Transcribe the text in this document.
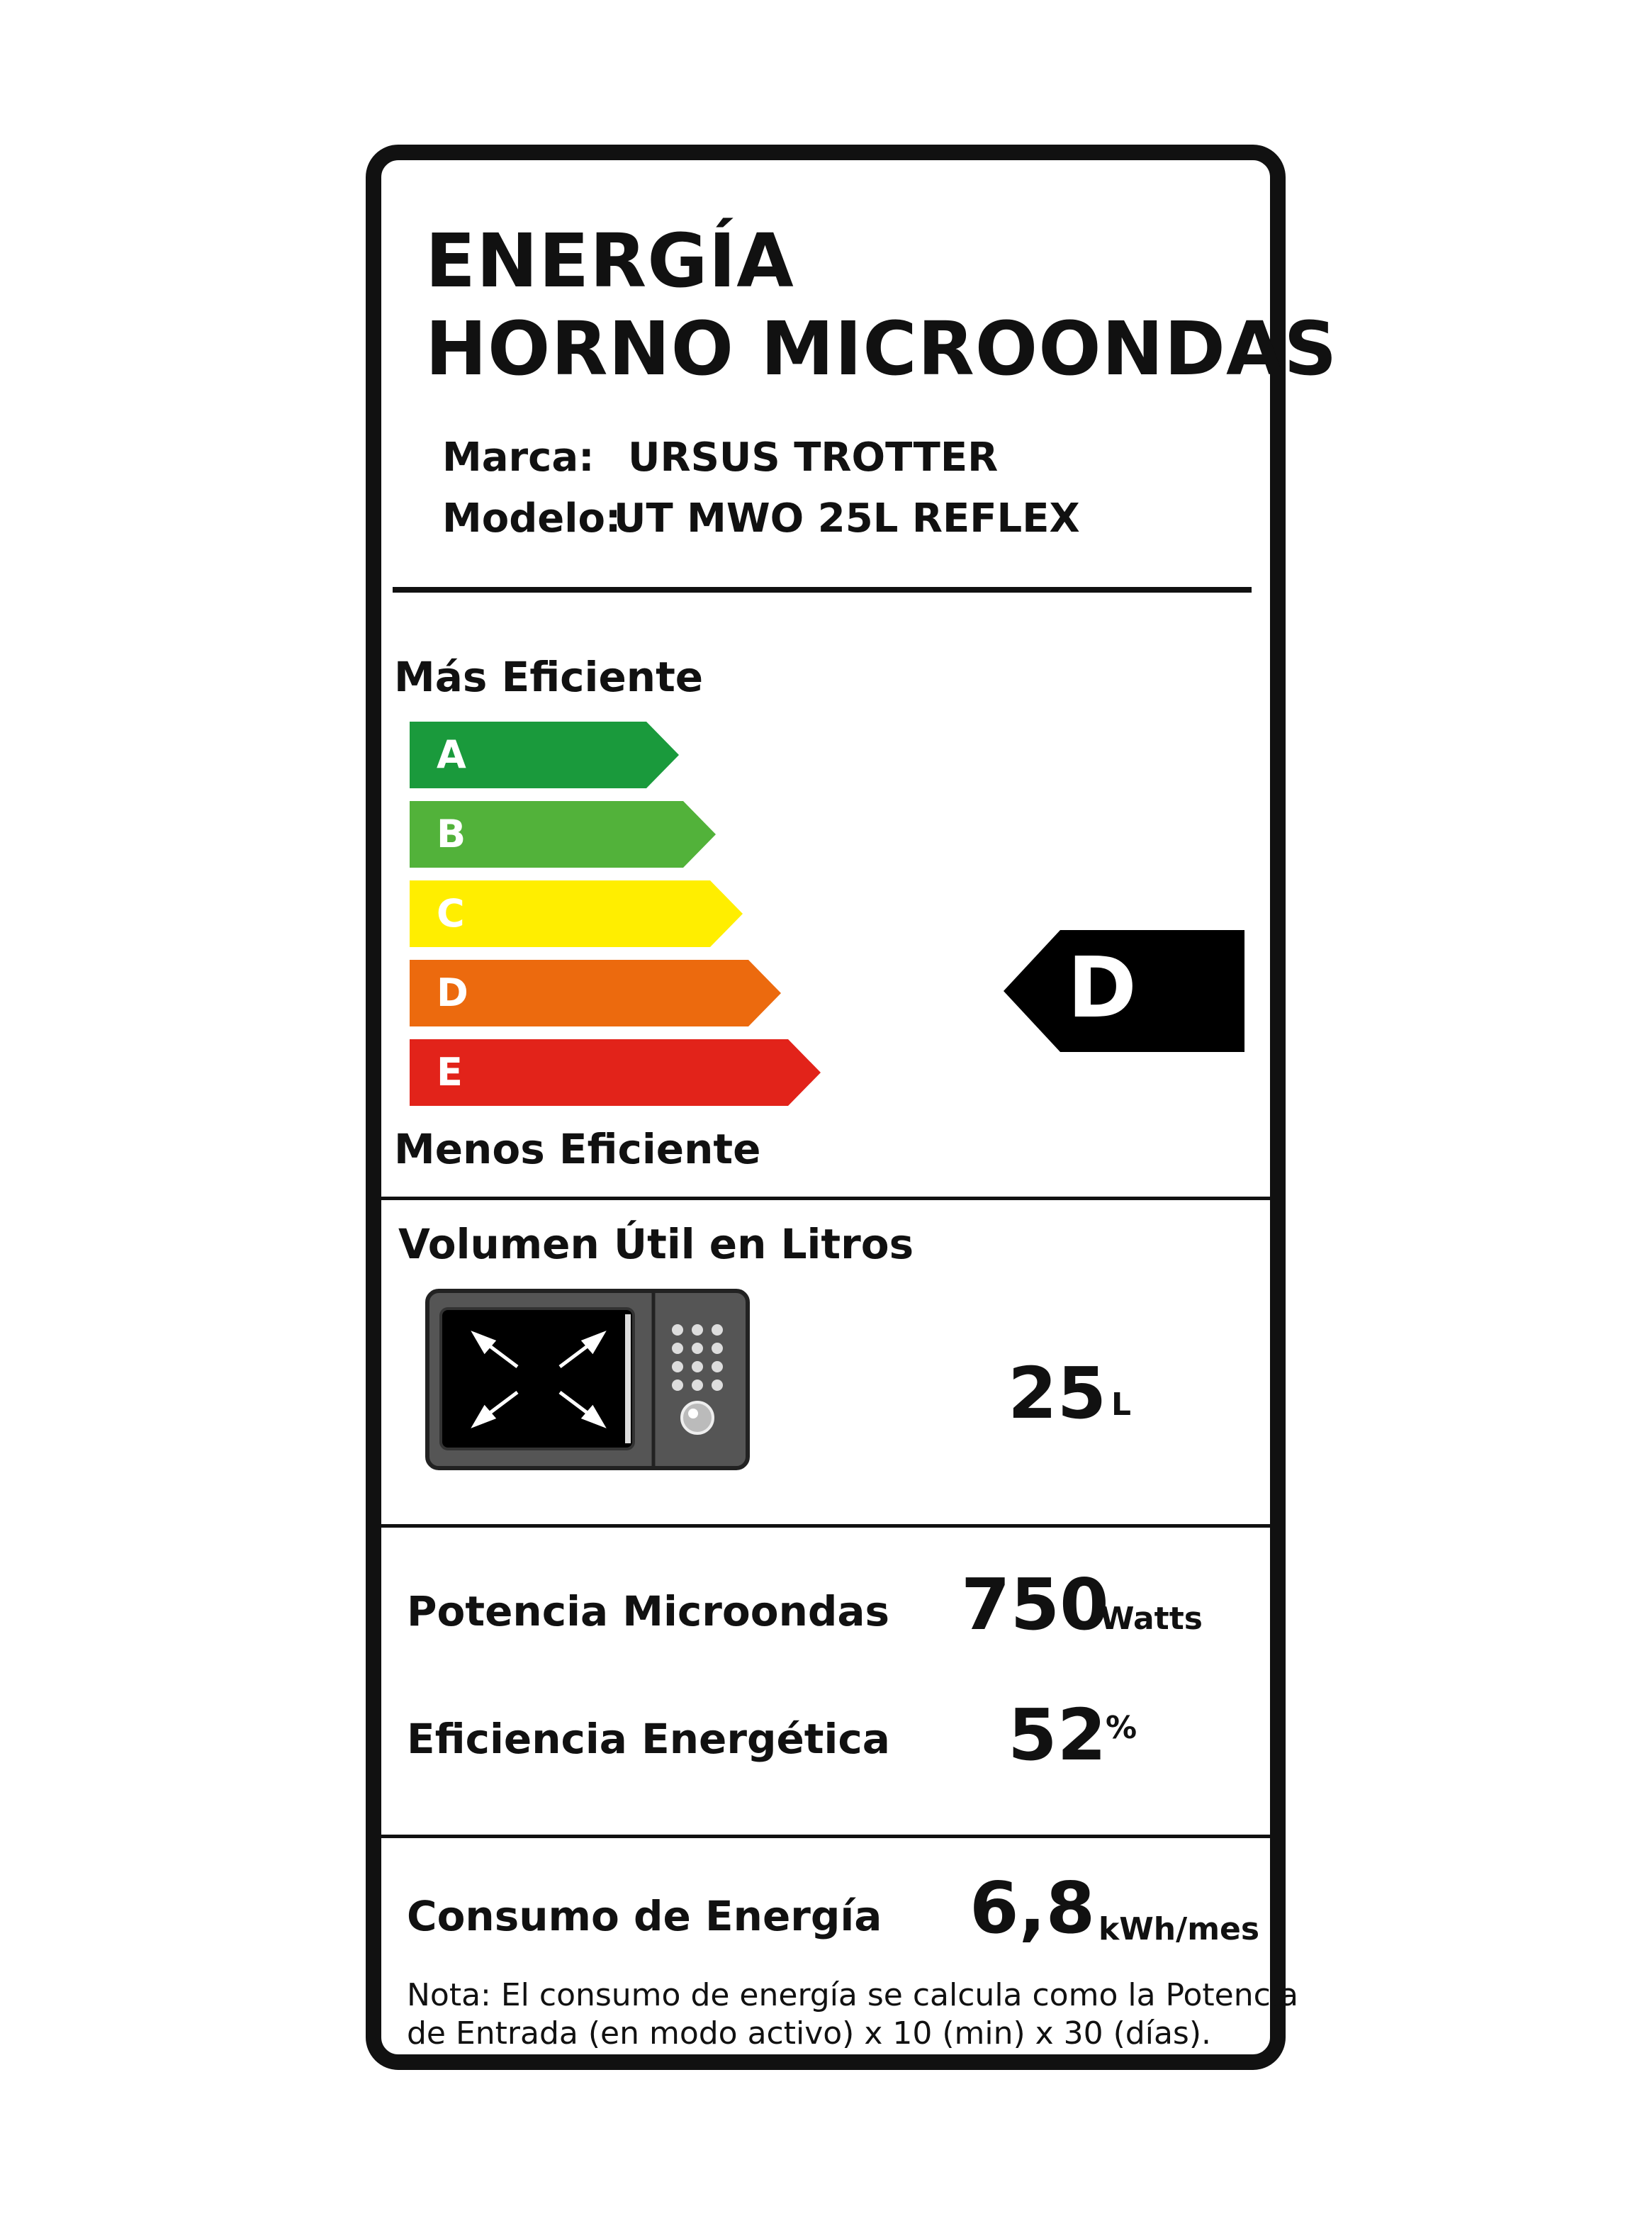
ENERGÍA
HORNO MICROONDAS
Marca: URSUS TROTTER
Modelo:
UT MWO 25L REFLEX
Más Eficiente
A
B
C
D
E
D
Menos Eficiente
Volumen Útil en Litros
25 L
Potencia Microondas 750
Watts
Eficiencia Energética 52
%
Consumo de Energía 6,8 kWh/mes
Nota: El consumo de energía se calcula como la Potencia
de Entrada (en modo activo) x 10 (min) x 30 (días).
